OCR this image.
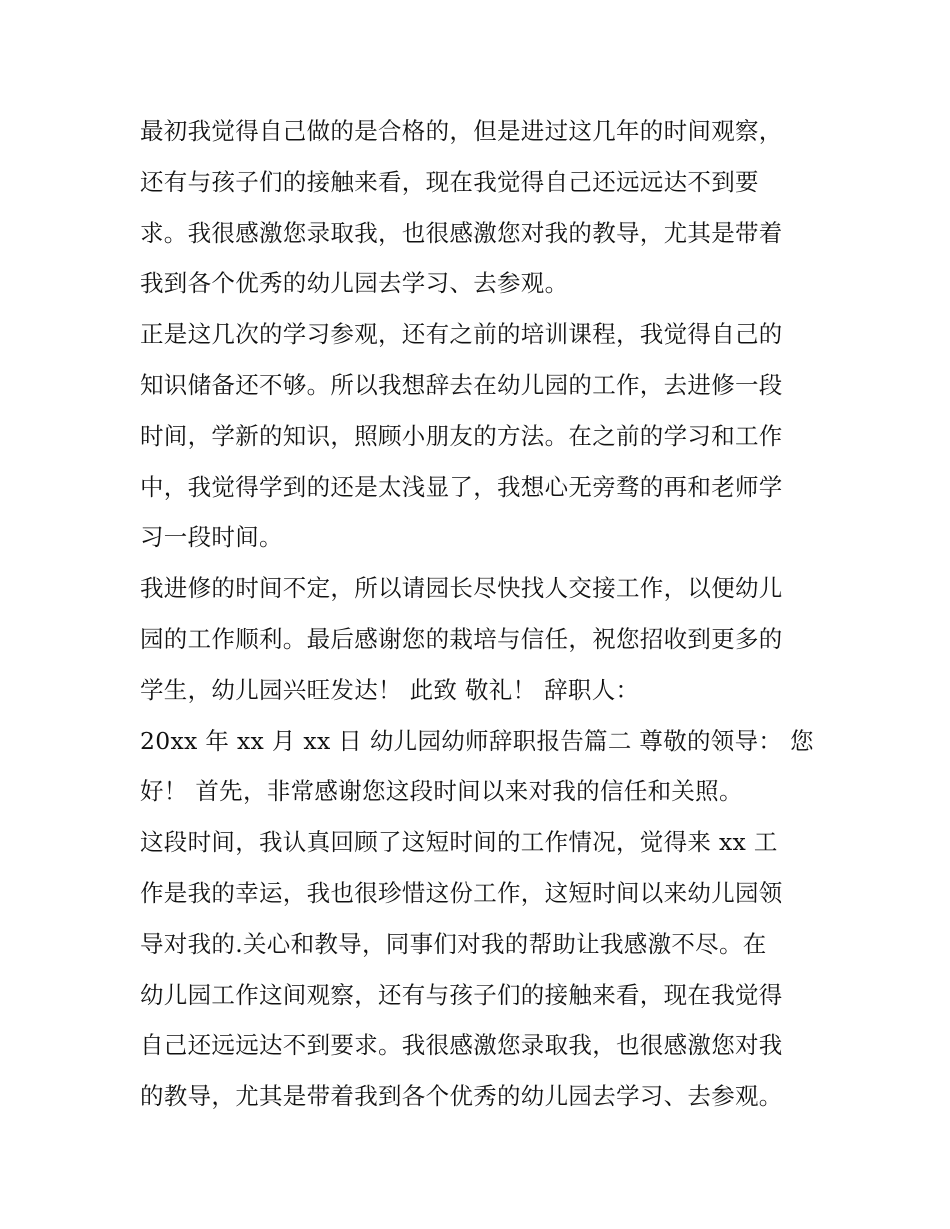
最初我觉得自己做的是合格的，但是进过这几年的时间观察，
还有与孩子们的接触来看，现在我觉得自己还远远达不到要
求。我很感激您录取我，也很感激您对我的教导，尤其是带着
我到各个优秀的幼儿园去学习、去参观。
正是这几次的学习参观，还有之前的培训课程，我觉得自己的
知识储备还不够。所以我想辞去在幼儿园的工作，去进修一段
时间，学新的知识，照顾小朋友的方法。在之前的学习和工作
中，我觉得学到的还是太浅显了，我想心无旁骛的再和老师学
习一段时间。
我进修的时间不定，所以请园长尽快找人交接工作，以便幼儿
园的工作顺利。最后感谢您的栽培与信任，祝您招收到更多的
学生，幼儿园兴旺发达！ 此致 敬礼！ 辞职人：
20xx 年 xx 月 xx 日 幼儿园幼师辞职报告篇二 尊敬的领导： 您
好！ 首先，非常感谢您这段时间以来对我的信任和关照。
这段时间，我认真回顾了这短时间的工作情况，觉得来 xx 工
作是我的幸运，我也很珍惜这份工作，这短时间以来幼儿园领
导对我的.关心和教导，同事们对我的帮助让我感激不尽。在
幼儿园工作这间观察，还有与孩子们的接触来看，现在我觉得
自己还远远达不到要求。我很感激您录取我，也很感激您对我
的教导，尤其是带着我到各个优秀的幼儿园去学习、去参观。
